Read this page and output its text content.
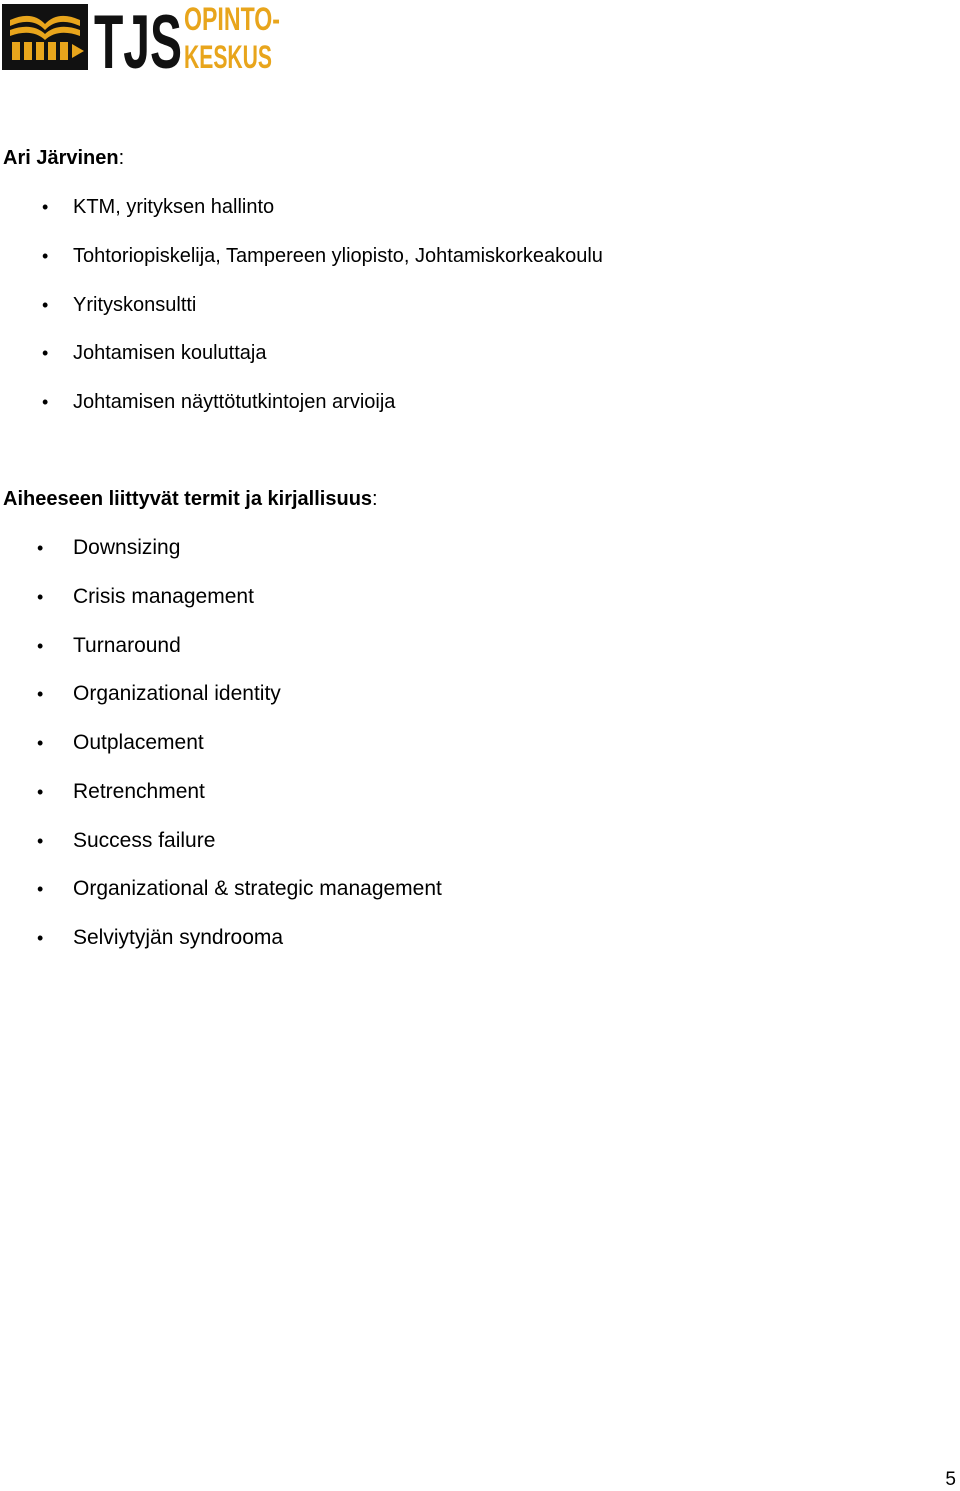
TJS OPINTO-
KESKUS
Ari Järvinen:
• KTM, yrityksen hallinto
• Tohtoriopiskelija, Tampereen yliopisto, Johtamiskorkeakoulu
• Yrityskonsultti
• Johtamisen kouluttaja
• Johtamisen näyttötutkintojen arvioija
Aiheeseen liittyvät termit ja kirjallisuus:
• Downsizing
• Crisis management
• Turnaround
• Organizational identity
• Outplacement
• Retrenchment
• Success failure
• Organizational & strategic management
• Selviytyjän syndrooma
5
